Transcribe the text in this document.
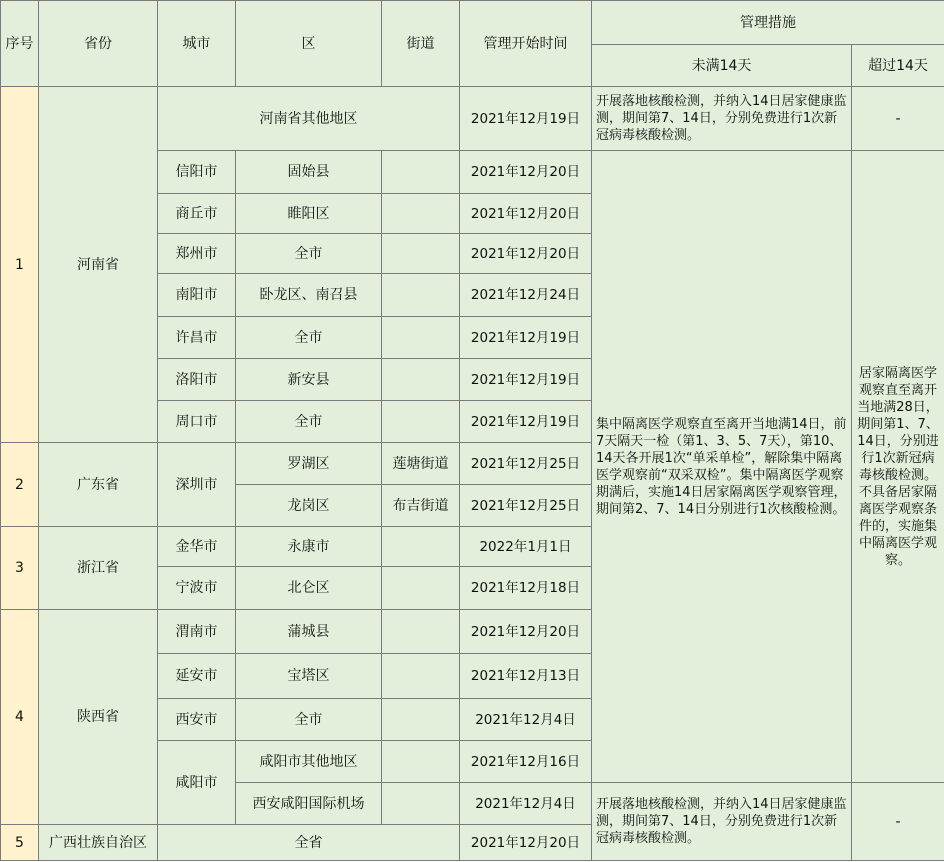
序号	省份	城市	区	街道	管理开始时间	管理措施	
						未满14天	超过14天
1	河南省	河南省其他地区			2021年12月19日	开展落地核酸检测，并纳入14日居家健康监测，期间第7、14日，分别免费进行1次新冠病毒核酸检测。	-
		信阳市	固始县		2021年12月20日	集中隔离医学观察直至离开当地满14日，前7天隔天一检（第1、3、5、7天），第10、14天各开展1次“单采单检”，解除集中隔离医学观察前“双采双检”。集中隔离医学观察期满后，实施14日居家隔离医学观察管理，期间第2、7、14日分别进行1次核酸检测。	居家隔离医学观察直至离开当地满28日，期间第1、7、14日，分别进行1次新冠病毒核酸检测。不具备居家隔离医学观察条件的，实施集中隔离医学观察。
		商丘市	睢阳区		2021年12月20日		
		郑州市	全市		2021年12月20日		
		南阳市	卧龙区、南召县		2021年12月24日		
		许昌市	全市		2021年12月19日		
		洛阳市	新安县		2021年12月19日		
		周口市	全市		2021年12月19日		
2	广东省	深圳市	罗湖区	莲塘街道	2021年12月25日		
			龙岗区	布吉街道	2021年12月25日		
3	浙江省	金华市	永康市		2022年1月1日		
		宁波市	北仑区		2021年12月18日		
4	陕西省	渭南市	蒲城县		2021年12月20日		
		延安市	宝塔区		2021年12月13日		
		西安市	全市		2021年12月4日		
		咸阳市	咸阳市其他地区		2021年12月16日		
			西安咸阳国际机场		2021年12月4日	开展落地核酸检测，并纳入14日居家健康监测，期间第7、14日，分别免费进行1次新冠病毒核酸检测。	-
5	广西壮族自治区	全省			2021年12月20日		
